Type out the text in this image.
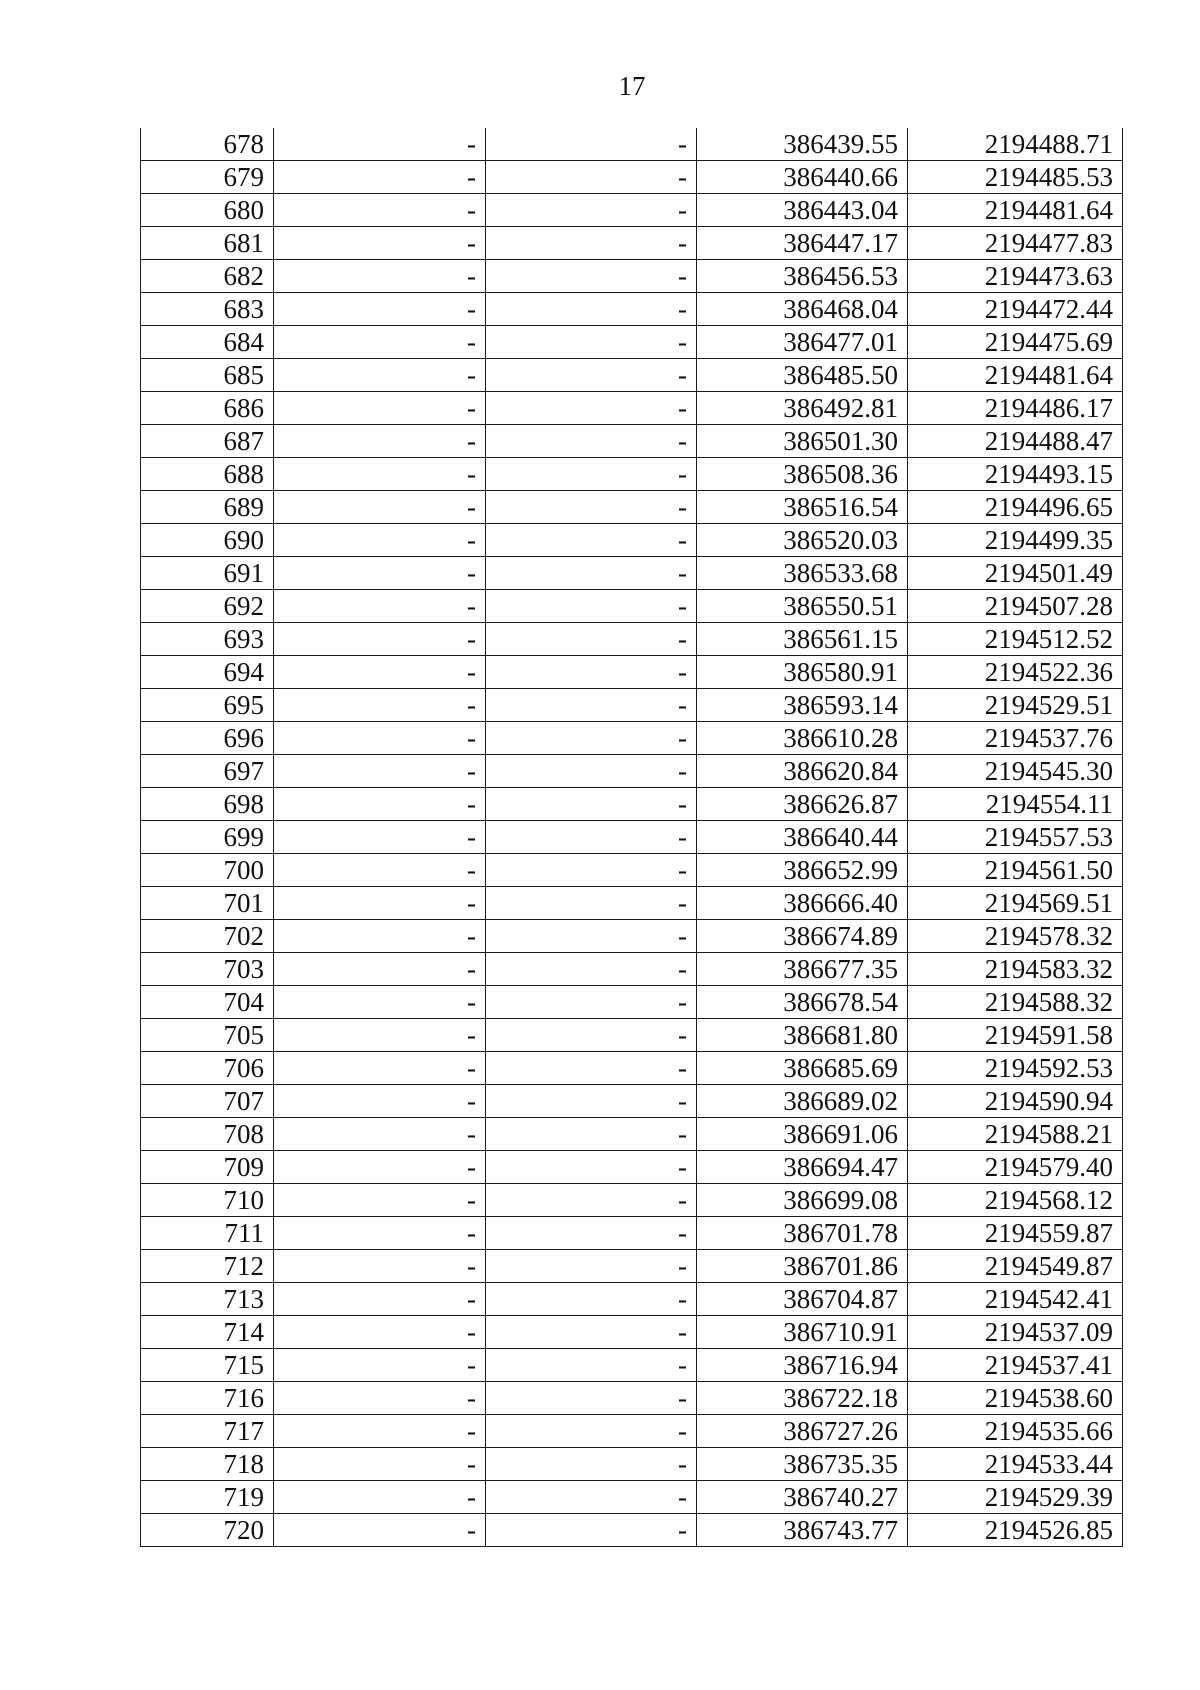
17
678	-	-	386439.55	2194488.71
679	-	-	386440.66	2194485.53
680	-	-	386443.04	2194481.64
681	-	-	386447.17	2194477.83
682	-	-	386456.53	2194473.63
683	-	-	386468.04	2194472.44
684	-	-	386477.01	2194475.69
685	-	-	386485.50	2194481.64
686	-	-	386492.81	2194486.17
687	-	-	386501.30	2194488.47
688	-	-	386508.36	2194493.15
689	-	-	386516.54	2194496.65
690	-	-	386520.03	2194499.35
691	-	-	386533.68	2194501.49
692	-	-	386550.51	2194507.28
693	-	-	386561.15	2194512.52
694	-	-	386580.91	2194522.36
695	-	-	386593.14	2194529.51
696	-	-	386610.28	2194537.76
697	-	-	386620.84	2194545.30
698	-	-	386626.87	2194554.11
699	-	-	386640.44	2194557.53
700	-	-	386652.99	2194561.50
701	-	-	386666.40	2194569.51
702	-	-	386674.89	2194578.32
703	-	-	386677.35	2194583.32
704	-	-	386678.54	2194588.32
705	-	-	386681.80	2194591.58
706	-	-	386685.69	2194592.53
707	-	-	386689.02	2194590.94
708	-	-	386691.06	2194588.21
709	-	-	386694.47	2194579.40
710	-	-	386699.08	2194568.12
711	-	-	386701.78	2194559.87
712	-	-	386701.86	2194549.87
713	-	-	386704.87	2194542.41
714	-	-	386710.91	2194537.09
715	-	-	386716.94	2194537.41
716	-	-	386722.18	2194538.60
717	-	-	386727.26	2194535.66
718	-	-	386735.35	2194533.44
719	-	-	386740.27	2194529.39
720	-	-	386743.77	2194526.85
